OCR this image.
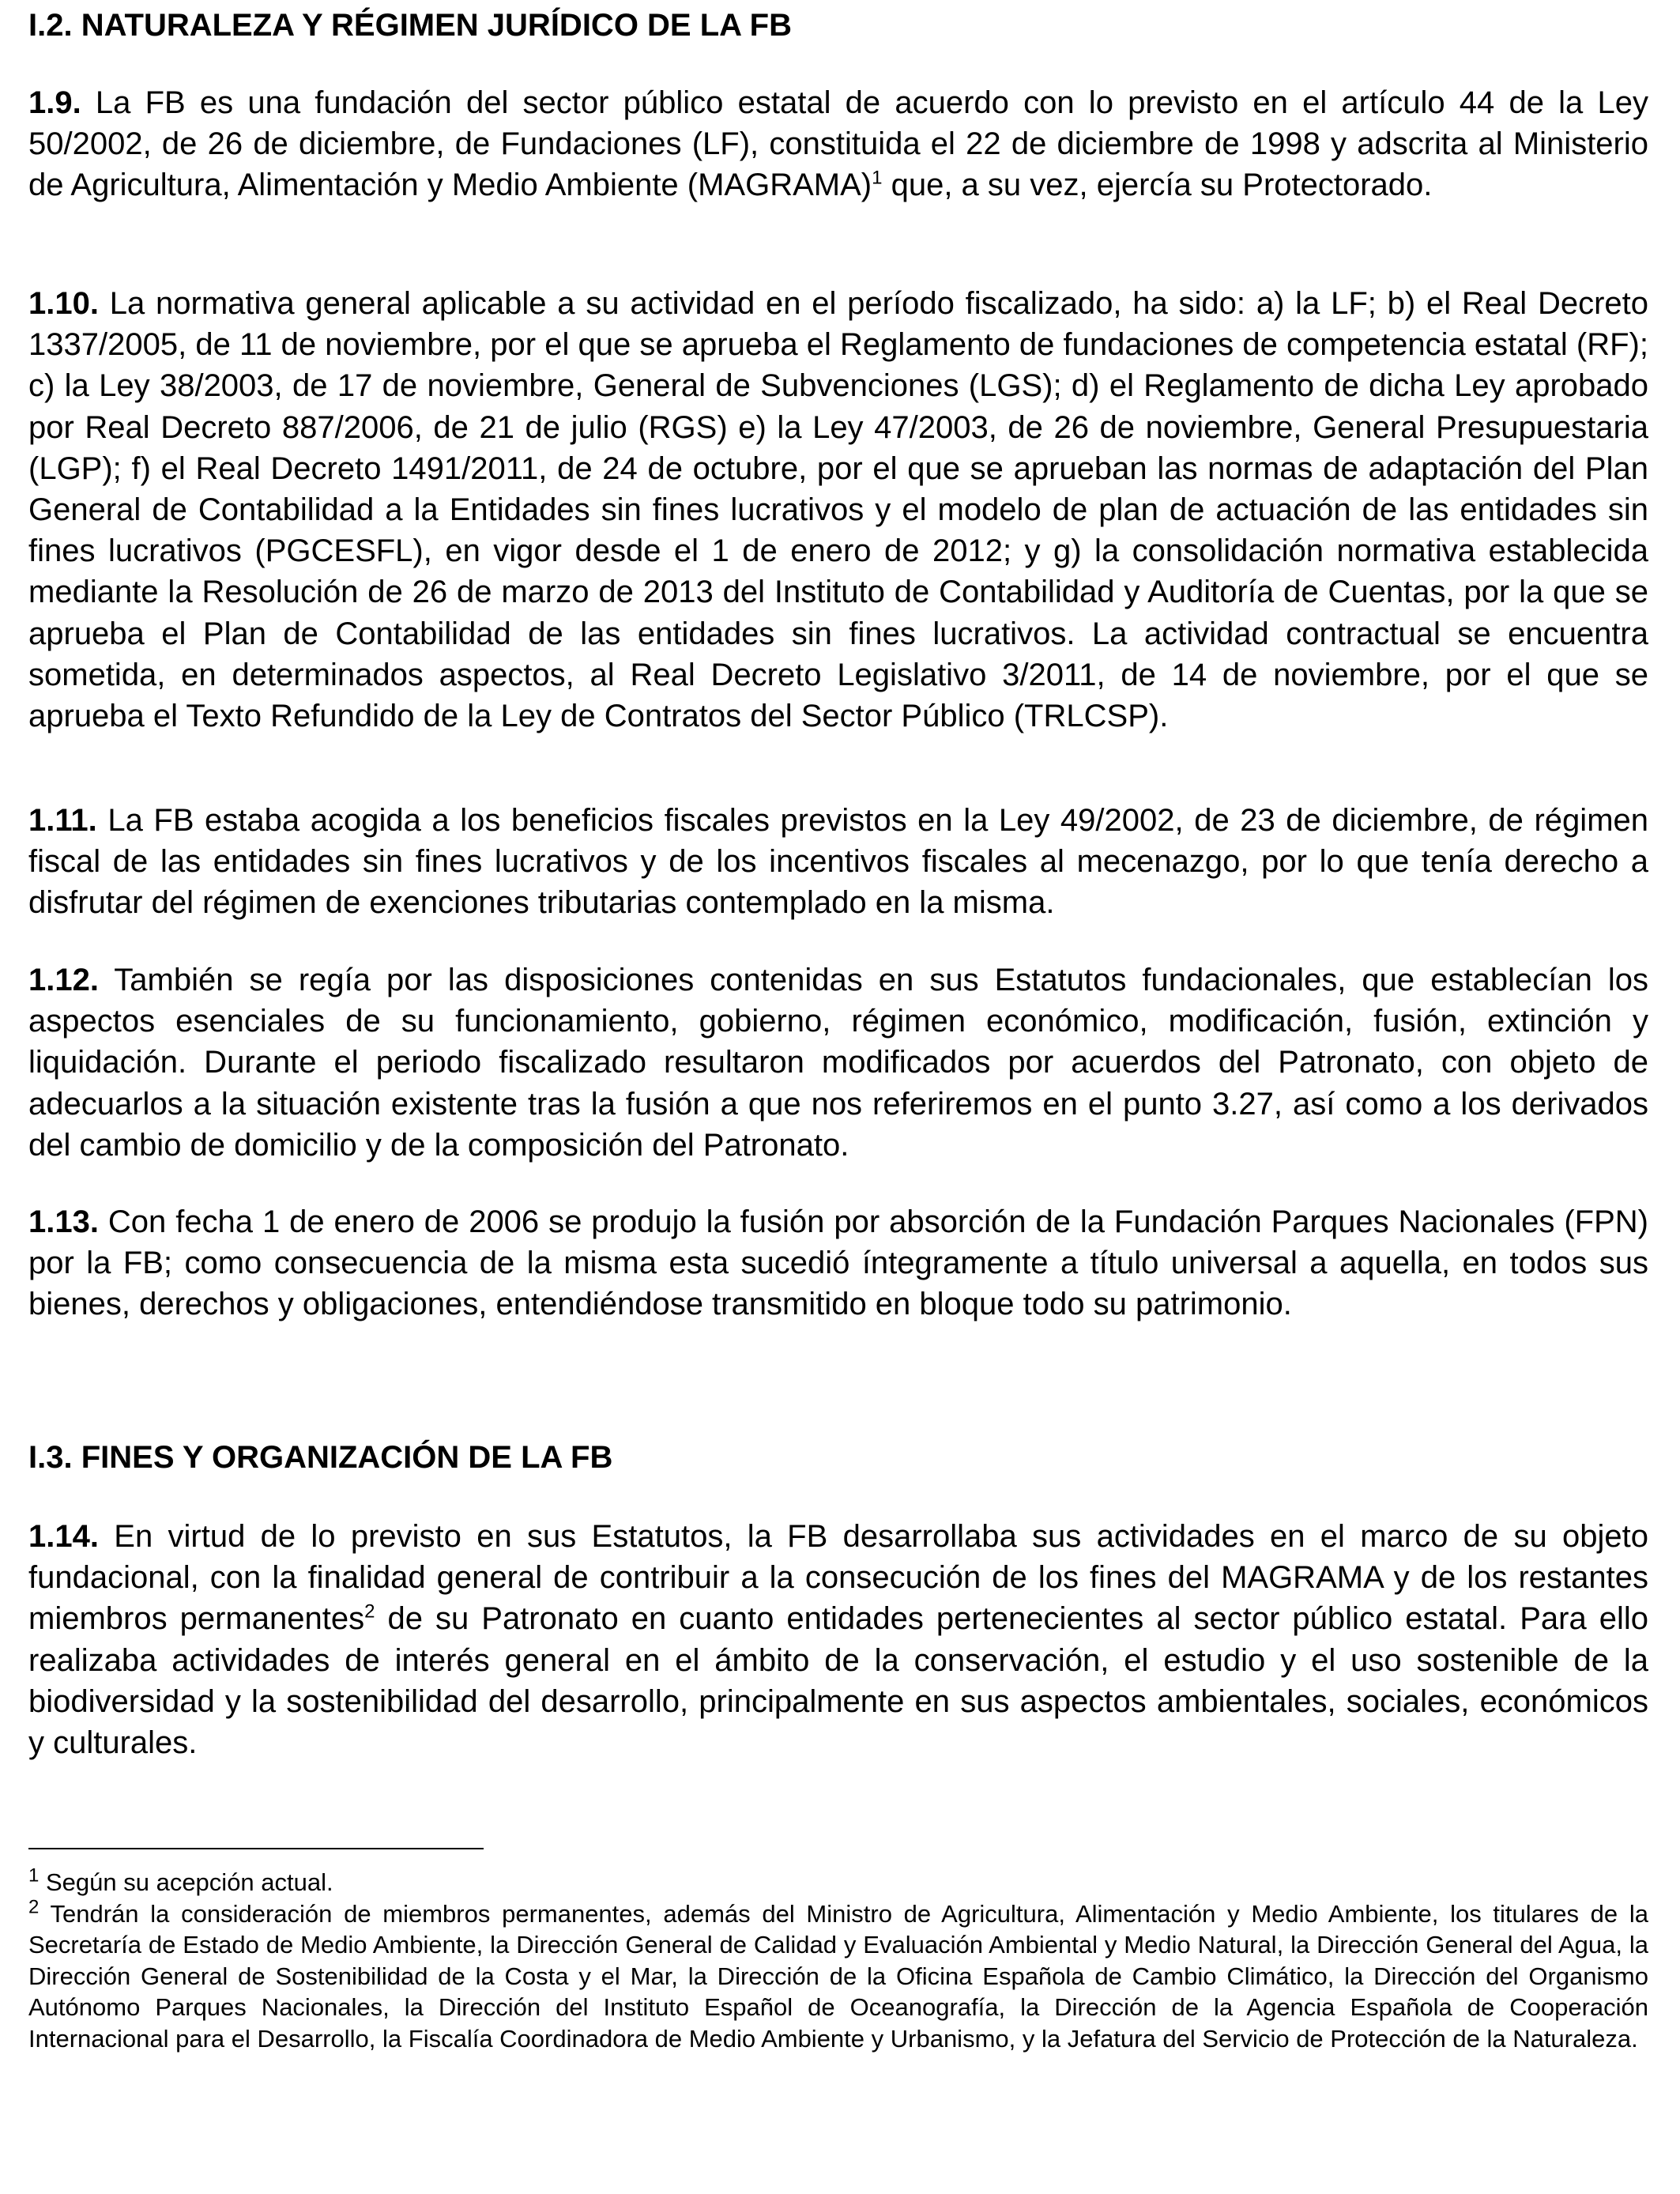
I.2. NATURALEZA Y RÉGIMEN JURÍDICO DE LA FB

1.9. La FB es una fundación del sector público estatal de acuerdo con lo previsto en el artículo 44 de la Ley 50/2002, de 26 de diciembre, de Fundaciones (LF), constituida el 22 de diciembre de 1998 y adscrita al Ministerio de Agricultura, Alimentación y Medio Ambiente (MAGRAMA)$^1$ que, a su vez, ejercía su Protectorado.

1.10. La normativa general aplicable a su actividad en el período fiscalizado, ha sido: a) la LF; b) el Real Decreto 1337/2005, de 11 de noviembre, por el que se aprueba el Reglamento de fundaciones de competencia estatal (RF); c) la Ley 38/2003, de 17 de noviembre, General de Subvenciones (LGS); d) el Reglamento de dicha Ley aprobado por Real Decreto 887/2006, de 21 de julio (RGS) e) la Ley 47/2003, de 26 de noviembre, General Presupuestaria (LGP); f) el Real Decreto 1491/2011, de 24 de octubre, por el que se aprueban las normas de adaptación del Plan General de Contabilidad a la Entidades sin fines lucrativos y el modelo de plan de actuación de las entidades sin fines lucrativos (PGCESFL), en vigor desde el 1 de enero de 2012; y g) la consolidación normativa establecida mediante la Resolución de 26 de marzo de 2013 del Instituto de Contabilidad y Auditoría de Cuentas, por la que se aprueba el Plan de Contabilidad de las entidades sin fines lucrativos. La actividad contractual se encuentra sometida, en determinados aspectos, al Real Decreto Legislativo 3/2011, de 14 de noviembre, por el que se aprueba el Texto Refundido de la Ley de Contratos del Sector Público (TRLCSP).

1.11. La FB estaba acogida a los beneficios fiscales previstos en la Ley 49/2002, de 23 de diciembre, de régimen fiscal de las entidades sin fines lucrativos y de los incentivos fiscales al mecenazgo, por lo que tenía derecho a disfrutar del régimen de exenciones tributarias contemplado en la misma.

1.12. También se regía por las disposiciones contenidas en sus Estatutos fundacionales, que establecían los aspectos esenciales de su funcionamiento, gobierno, régimen económico, modificación, fusión, extinción y liquidación. Durante el periodo fiscalizado resultaron modificados por acuerdos del Patronato, con objeto de adecuarlos a la situación existente tras la fusión a que nos referiremos en el punto 3.27, así como a los derivados del cambio de domicilio y de la composición del Patronato.

1.13. Con fecha 1 de enero de 2006 se produjo la fusión por absorción de la Fundación Parques Nacionales (FPN) por la FB; como consecuencia de la misma esta sucedió íntegramente a título universal a aquella, en todos sus bienes, derechos y obligaciones, entendiéndose transmitido en bloque todo su patrimonio.

I.3. FINES Y ORGANIZACIÓN DE LA FB

1.14. En virtud de lo previsto en sus Estatutos, la FB desarrollaba sus actividades en el marco de su objeto fundacional, con la finalidad general de contribuir a la consecución de los fines del MAGRAMA y de los restantes miembros permanentes$^2$ de su Patronato en cuanto entidades pertenecientes al sector público estatal. Para ello realizaba actividades de interés general en el ámbito de la conservación, el estudio y el uso sostenible de la biodiversidad y la sostenibilidad del desarrollo, principalmente en sus aspectos ambientales, sociales, económicos y culturales.

$^1$ Según su acepción actual.

$^2$ Tendrán la consideración de miembros permanentes, además del Ministro de Agricultura, Alimentación y Medio Ambiente, los titulares de la Secretaría de Estado de Medio Ambiente, la Dirección General de Calidad y Evaluación Ambiental y Medio Natural, la Dirección General del Agua, la Dirección General de Sostenibilidad de la Costa y el Mar, la Dirección de la Oficina Española de Cambio Climático, la Dirección del Organismo Autónomo Parques Nacionales, la Dirección del Instituto Español de Oceanografía, la Dirección de la Agencia Española de Cooperación Internacional para el Desarrollo, la Fiscalía Coordinadora de Medio Ambiente y Urbanismo, y la Jefatura del Servicio de Protección de la Naturaleza.
